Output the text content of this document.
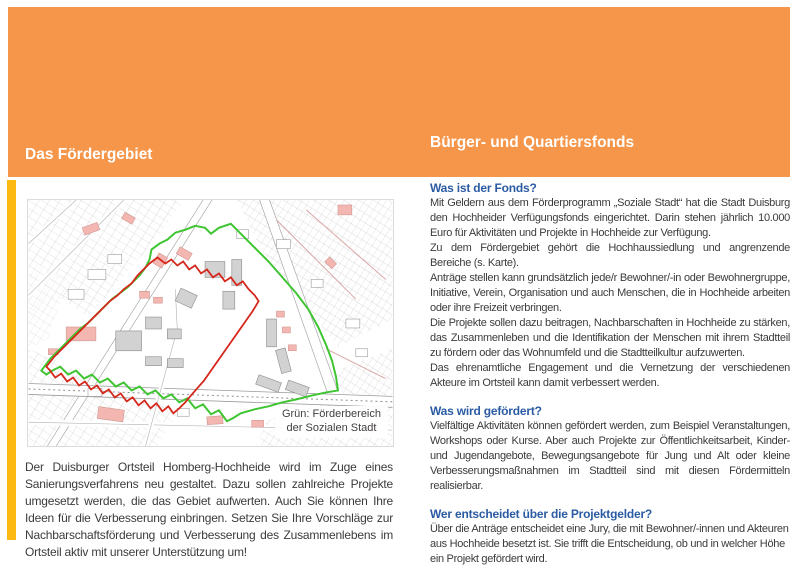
Das Fördergebiet
Bürger- und Quartiersfonds
Grün: Förderbereich
der Sozialen Stadt

Der Duisburger Ortsteil Homberg-Hochheide wird im Zuge eines Sanierungsverfahrens neu gestaltet. Dazu sollen zahlreiche Projekte umgesetzt werden, die das Gebiet aufwerten. Auch Sie können Ihre Ideen für die Verbesserung einbringen. Setzen Sie Ihre Vorschläge zur Nachbarschaftsförderung und Verbesserung des Zusammenlebens im Ortsteil aktiv mit unserer Unterstützung um!

Was ist der Fonds?

Mit Geldern aus dem Förderprogramm „Soziale Stadt“ hat die Stadt Duisburg den Hochheider Verfügungsfonds eingerichtet. Darin stehen jährlich 10.000 Euro für Aktivitäten und Projekte in Hochheide zur Verfügung.

Zu dem Fördergebiet gehört die Hochhaussiedlung und angrenzende Bereiche (s. Karte).

Anträge stellen kann grundsätzlich jede/r Bewohner/-in oder Bewohnergruppe, Initiative, Verein, Organisation und auch Menschen, die in Hochheide arbeiten oder ihre Freizeit verbringen.

Die Projekte sollen dazu beitragen, Nachbarschaften in Hochheide zu stärken, das Zusammenleben und die Identifikation der Menschen mit ihrem Stadtteil zu fördern oder das Wohnumfeld und die Stadtteilkultur aufzuwerten.

Das ehrenamtliche Engagement und die Vernetzung der verschiedenen Akteure im Ortsteil kann damit verbessert werden.

Was wird gefördert?

Vielfältige Aktivitäten können gefördert werden, zum Beispiel Veranstaltungen, Workshops oder Kurse. Aber auch Projekte zur Öffentlichkeitsarbeit, Kinder- und Jugendangebote, Bewegungsangebote für Jung und Alt oder kleine Verbesserungsmaßnahmen im Stadtteil sind mit diesen Fördermitteln realisierbar.

Wer entscheidet über die Projektgelder?

Über die Anträge entscheidet eine Jury, die mit Bewohner/-innen und Akteuren aus Hochheide besetzt ist. Sie trifft die Entscheidung, ob und in welcher Höhe ein Projekt gefördert wird.
